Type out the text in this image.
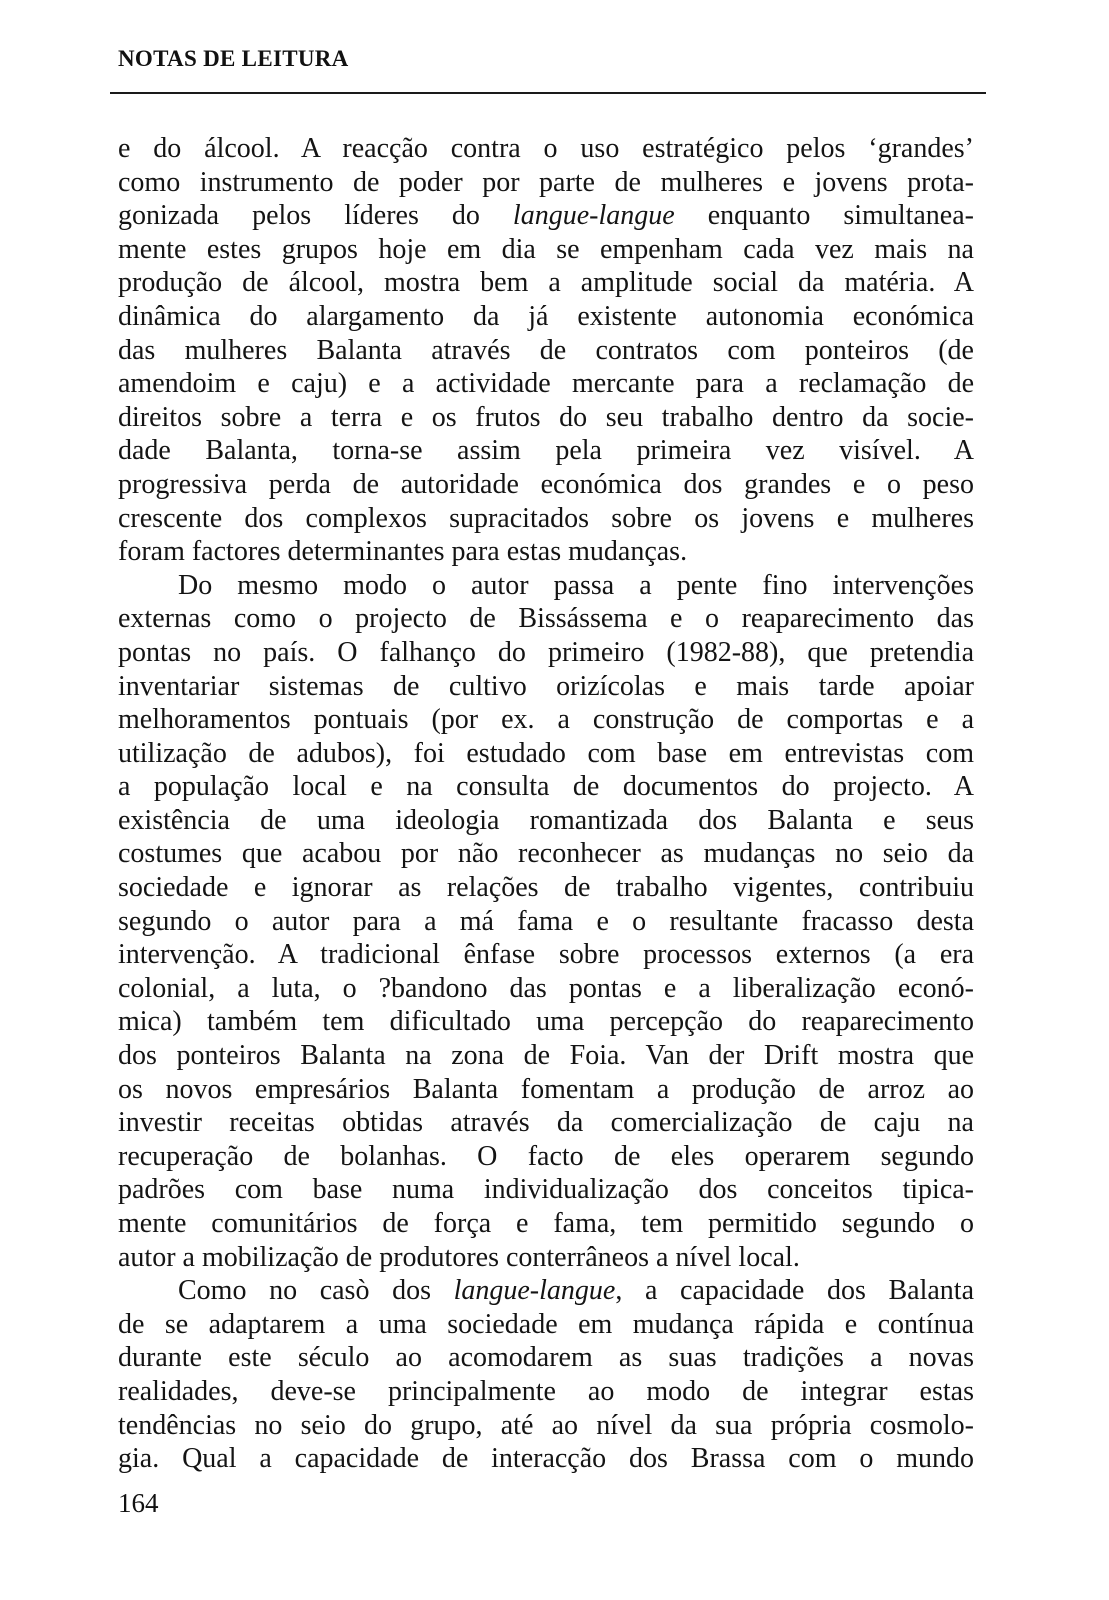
NOTAS DE LEITURA
e do álcool. A reacção contra o uso estratégico pelos ‘grandes’
como instrumento de poder por parte de mulheres e jovens prota-
gonizada pelos líderes do langue-langue enquanto simultanea-
mente estes grupos hoje em dia se empenham cada vez mais na
produção de álcool, mostra bem a amplitude social da matéria. A
dinâmica do alargamento da já existente autonomia económica
das mulheres Balanta através de contratos com ponteiros (de
amendoim e caju) e a actividade mercante para a reclamação de
direitos sobre a terra e os frutos do seu trabalho dentro da socie-
dade Balanta, torna-se assim pela primeira vez visível. A
progressiva perda de autoridade económica dos grandes e o peso
crescente dos complexos supracitados sobre os jovens e mulheres
foram factores determinantes para estas mudanças.
Do mesmo modo o autor passa a pente fino intervenções
externas como o projecto de Bissássema e o reaparecimento das
pontas no país. O falhanço do primeiro (1982-88), que pretendia
inventariar sistemas de cultivo orizícolas e mais tarde apoiar
melhoramentos pontuais (por ex. a construção de comportas e a
utilização de adubos), foi estudado com base em entrevistas com
a população local e na consulta de documentos do projecto. A
existência de uma ideologia romantizada dos Balanta e seus
costumes que acabou por não reconhecer as mudanças no seio da
sociedade e ignorar as relações de trabalho vigentes, contribuiu
segundo o autor para a má fama e o resultante fracasso desta
intervenção. A tradicional ênfase sobre processos externos (a era
colonial, a luta, o ?bandono das pontas e a liberalização econó-
mica) também tem dificultado uma percepção do reaparecimento
dos ponteiros Balanta na zona de Foia. Van der Drift mostra que
os novos empresários Balanta fomentam a produção de arroz ao
investir receitas obtidas através da comercialização de caju na
recuperação de bolanhas. O facto de eles operarem segundo
padrões com base numa individualização dos conceitos tipica-
mente comunitários de força e fama, tem permitido segundo o
autor a mobilização de produtores conterrâneos a nível local.
Como no casò dos langue-langue, a capacidade dos Balanta
de se adaptarem a uma sociedade em mudança rápida e contínua
durante este século ao acomodarem as suas tradições a novas
realidades, deve-se principalmente ao modo de integrar estas
tendências no seio do grupo, até ao nível da sua própria cosmolo-
gia. Qual a capacidade de interacção dos Brassa com o mundo
164
